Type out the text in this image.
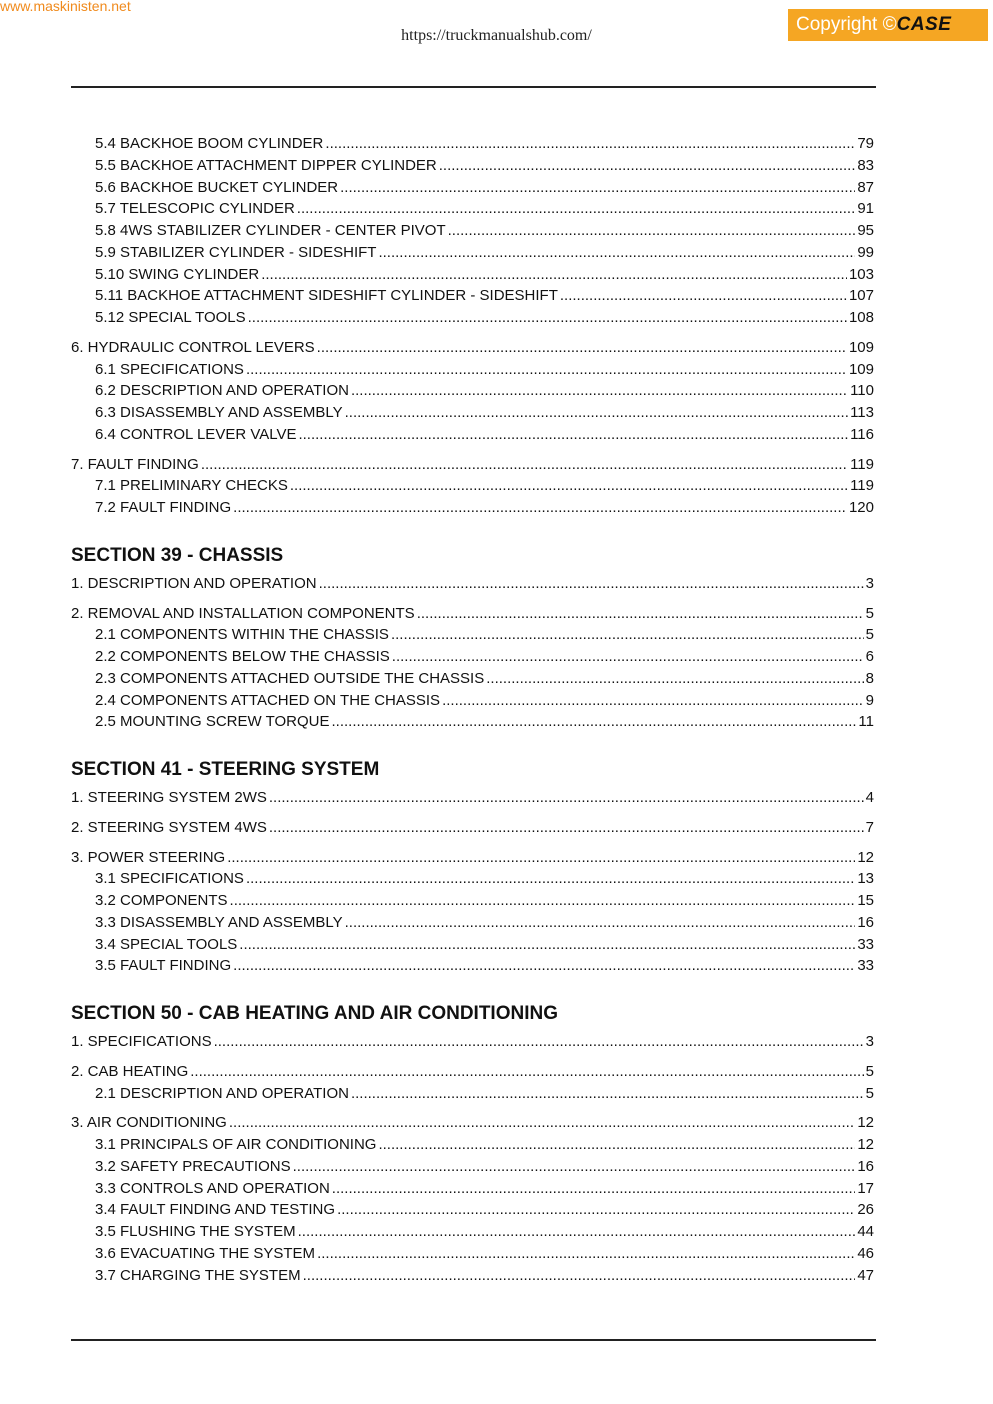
www.maskinisten.net
https://truckmanualshub.com/
Copyright ©CASE
5.4 BACKHOE BOOM CYLINDER .....	79
5.5 BACKHOE ATTACHMENT DIPPER CYLINDER .....	83
5.6 BACKHOE BUCKET CYLINDER .....	87
5.7 TELESCOPIC CYLINDER .....	91
5.8 4WS STABILIZER CYLINDER - CENTER PIVOT .....	95
5.9 STABILIZER CYLINDER - SIDESHIFT .....	99
5.10 SWING CYLINDER .....	103
5.11 BACKHOE ATTACHMENT SIDESHIFT CYLINDER - SIDESHIFT .....	107
5.12 SPECIAL TOOLS .....	108
6. HYDRAULIC CONTROL LEVERS .....	109
6.1 SPECIFICATIONS .....	109
6.2 DESCRIPTION AND OPERATION .....	110
6.3 DISASSEMBLY AND ASSEMBLY .....	113
6.4 CONTROL LEVER VALVE .....	116
7. FAULT FINDING .....	119
7.1 PRELIMINARY CHECKS .....	119
7.2 FAULT FINDING .....	120
SECTION 39 - CHASSIS
1. DESCRIPTION AND OPERATION .....	3
2. REMOVAL AND INSTALLATION COMPONENTS .....	5
2.1 COMPONENTS WITHIN THE CHASSIS .....	5
2.2 COMPONENTS BELOW THE CHASSIS .....	6
2.3 COMPONENTS ATTACHED OUTSIDE THE CHASSIS .....	8
2.4 COMPONENTS ATTACHED ON THE CHASSIS .....	9
2.5 MOUNTING SCREW TORQUE .....	11
SECTION 41 - STEERING SYSTEM
1. STEERING SYSTEM 2WS .....	4
2. STEERING SYSTEM 4WS .....	7
3. POWER STEERING .....	12
3.1 SPECIFICATIONS .....	13
3.2 COMPONENTS .....	15
3.3 DISASSEMBLY AND ASSEMBLY .....	16
3.4 SPECIAL TOOLS .....	33
3.5 FAULT FINDING .....	33
SECTION 50 - CAB HEATING AND AIR CONDITIONING
1. SPECIFICATIONS .....	3
2. CAB HEATING .....	5
2.1 DESCRIPTION AND OPERATION .....	5
3. AIR CONDITIONING .....	12
3.1 PRINCIPALS OF AIR CONDITIONING .....	12
3.2 SAFETY PRECAUTIONS .....	16
3.3 CONTROLS AND OPERATION .....	17
3.4 FAULT FINDING AND TESTING .....	26
3.5 FLUSHING THE SYSTEM .....	44
3.6 EVACUATING THE SYSTEM .....	46
3.7 CHARGING THE SYSTEM .....	47
